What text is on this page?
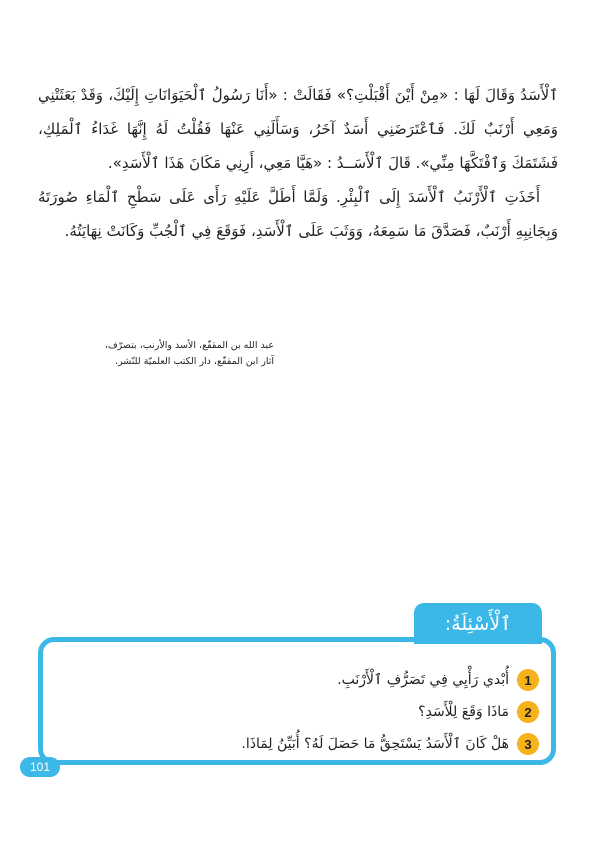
ٱلْأَسَدُ وَقَالَ لَهَا : «مِنْ أَيْنَ أَقْبَلْتِ؟» فَقَالَتْ : «أَنَا رَسُولُ ٱلْحَيَوَانَاتِ إِلَيْكَ، وَقَدْ بَعَثَتْنِي وَمَعِي أَرْنَبٌ لَكَ. فَٱعْتَرَضَنِي أَسَدٌ آخَرُ، وَسَأَلَنِي عَنْهَا فَقُلْتُ لَهُ إِنَّهَا غَدَاءُ ٱلْمَلِكِ، فَشَتَمَكَ وَٱفْتَكَّهَا مِنِّي». قَالَ ٱلْأَسَــدُ : «هَيَّا مَعِي، أَرِنِي مَكَانَ هَذَا ٱلْأَسَدِ».

أَخَذَتِ ٱلْأَرْنَبُ ٱلْأَسَدَ إِلَى ٱلْبِئْرِ. وَلَمَّا أَطَلَّ عَلَيْهِ رَأَى عَلَى سَطْحِ ٱلْمَاءِ صُورَتَهُ وَبِجَانِبِهِ أَرْنَبٌ، فَصَدَّقَ مَا سَمِعَهُ، وَوَثَبَ عَلَى ٱلْأَسَدِ، فَوَقَعَ فِي ٱلْجُبِّ وَكَانَتْ نِهَايَتُهُ.

عبد الله بن المقفّع، الأسد والأرنب، بتصرّف،
آثار ابن المقفّع، دار الكتب العلميّة للنّشر.
1
أُبْدي رَأْيِي فِي تَصَرُّفِ ٱلْأَرْنَبِ.
2
مَاذَا وَقَعَ لِلْأَسَدِ؟
3
هَلْ كَانَ ٱلْأَسَدُ يَسْتَحِقُّ مَا حَصَلَ لَهُ؟ أُبَيِّنُ لِمَاذَا.
ٱلْأَسْئِلَةُ:
101
